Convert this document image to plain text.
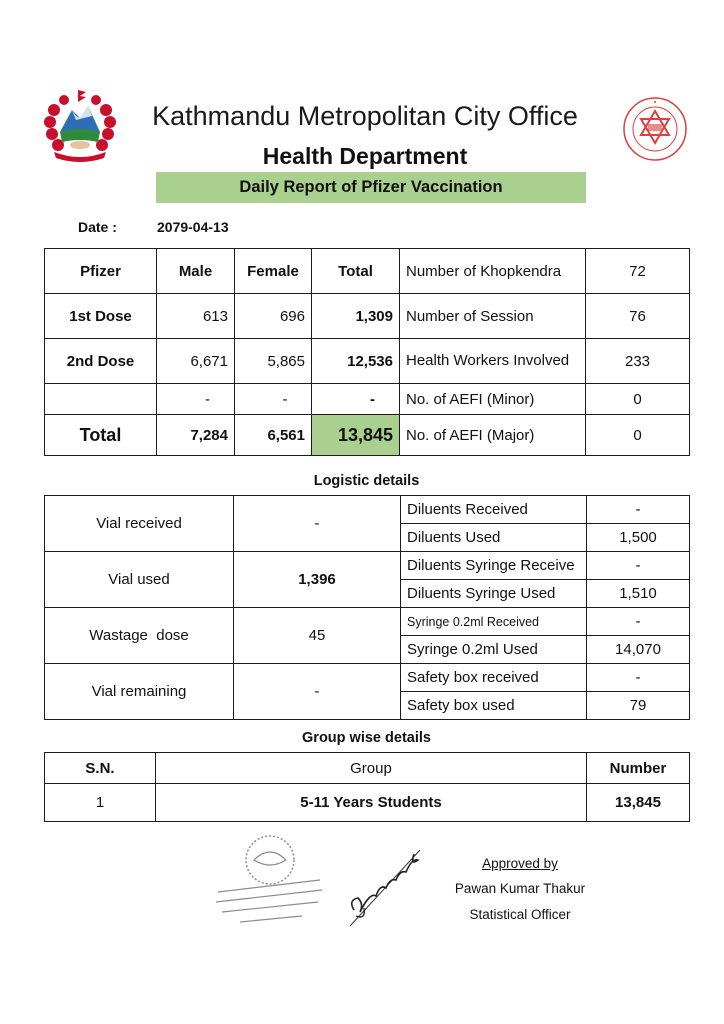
Kathmandu Metropolitan City Office
Health Department
Daily Report of Pfizer Vaccination
Date :	2079-04-13
Pfizer	Male	Female	Total	Number of Khopkendra	72
1st Dose	613	696	1,309	Number of Session	76
2nd Dose	6,671	5,865	12,536	Health Workers Involved	233
	-	-	-	No. of AEFI (Minor)	0
Total	7,284	6,561	13,845	No. of AEFI (Major)	0
Logistic details
Vial received	-	Diluents Received	-
		Diluents Used	1,500
Vial used	1,396	Diluents Syringe Receive	-
		Diluents Syringe Used	1,510
Wastage  dose	45	Syringe 0.2ml Received	-
		Syringe 0.2ml Used	14,070
Vial remaining	-	Safety box received	-
		Safety box used	79
Group wise details
S.N.	Group	Number
1	5-11 Years Students	13,845
Approved by
Pawan Kumar Thakur
Statistical Officer
